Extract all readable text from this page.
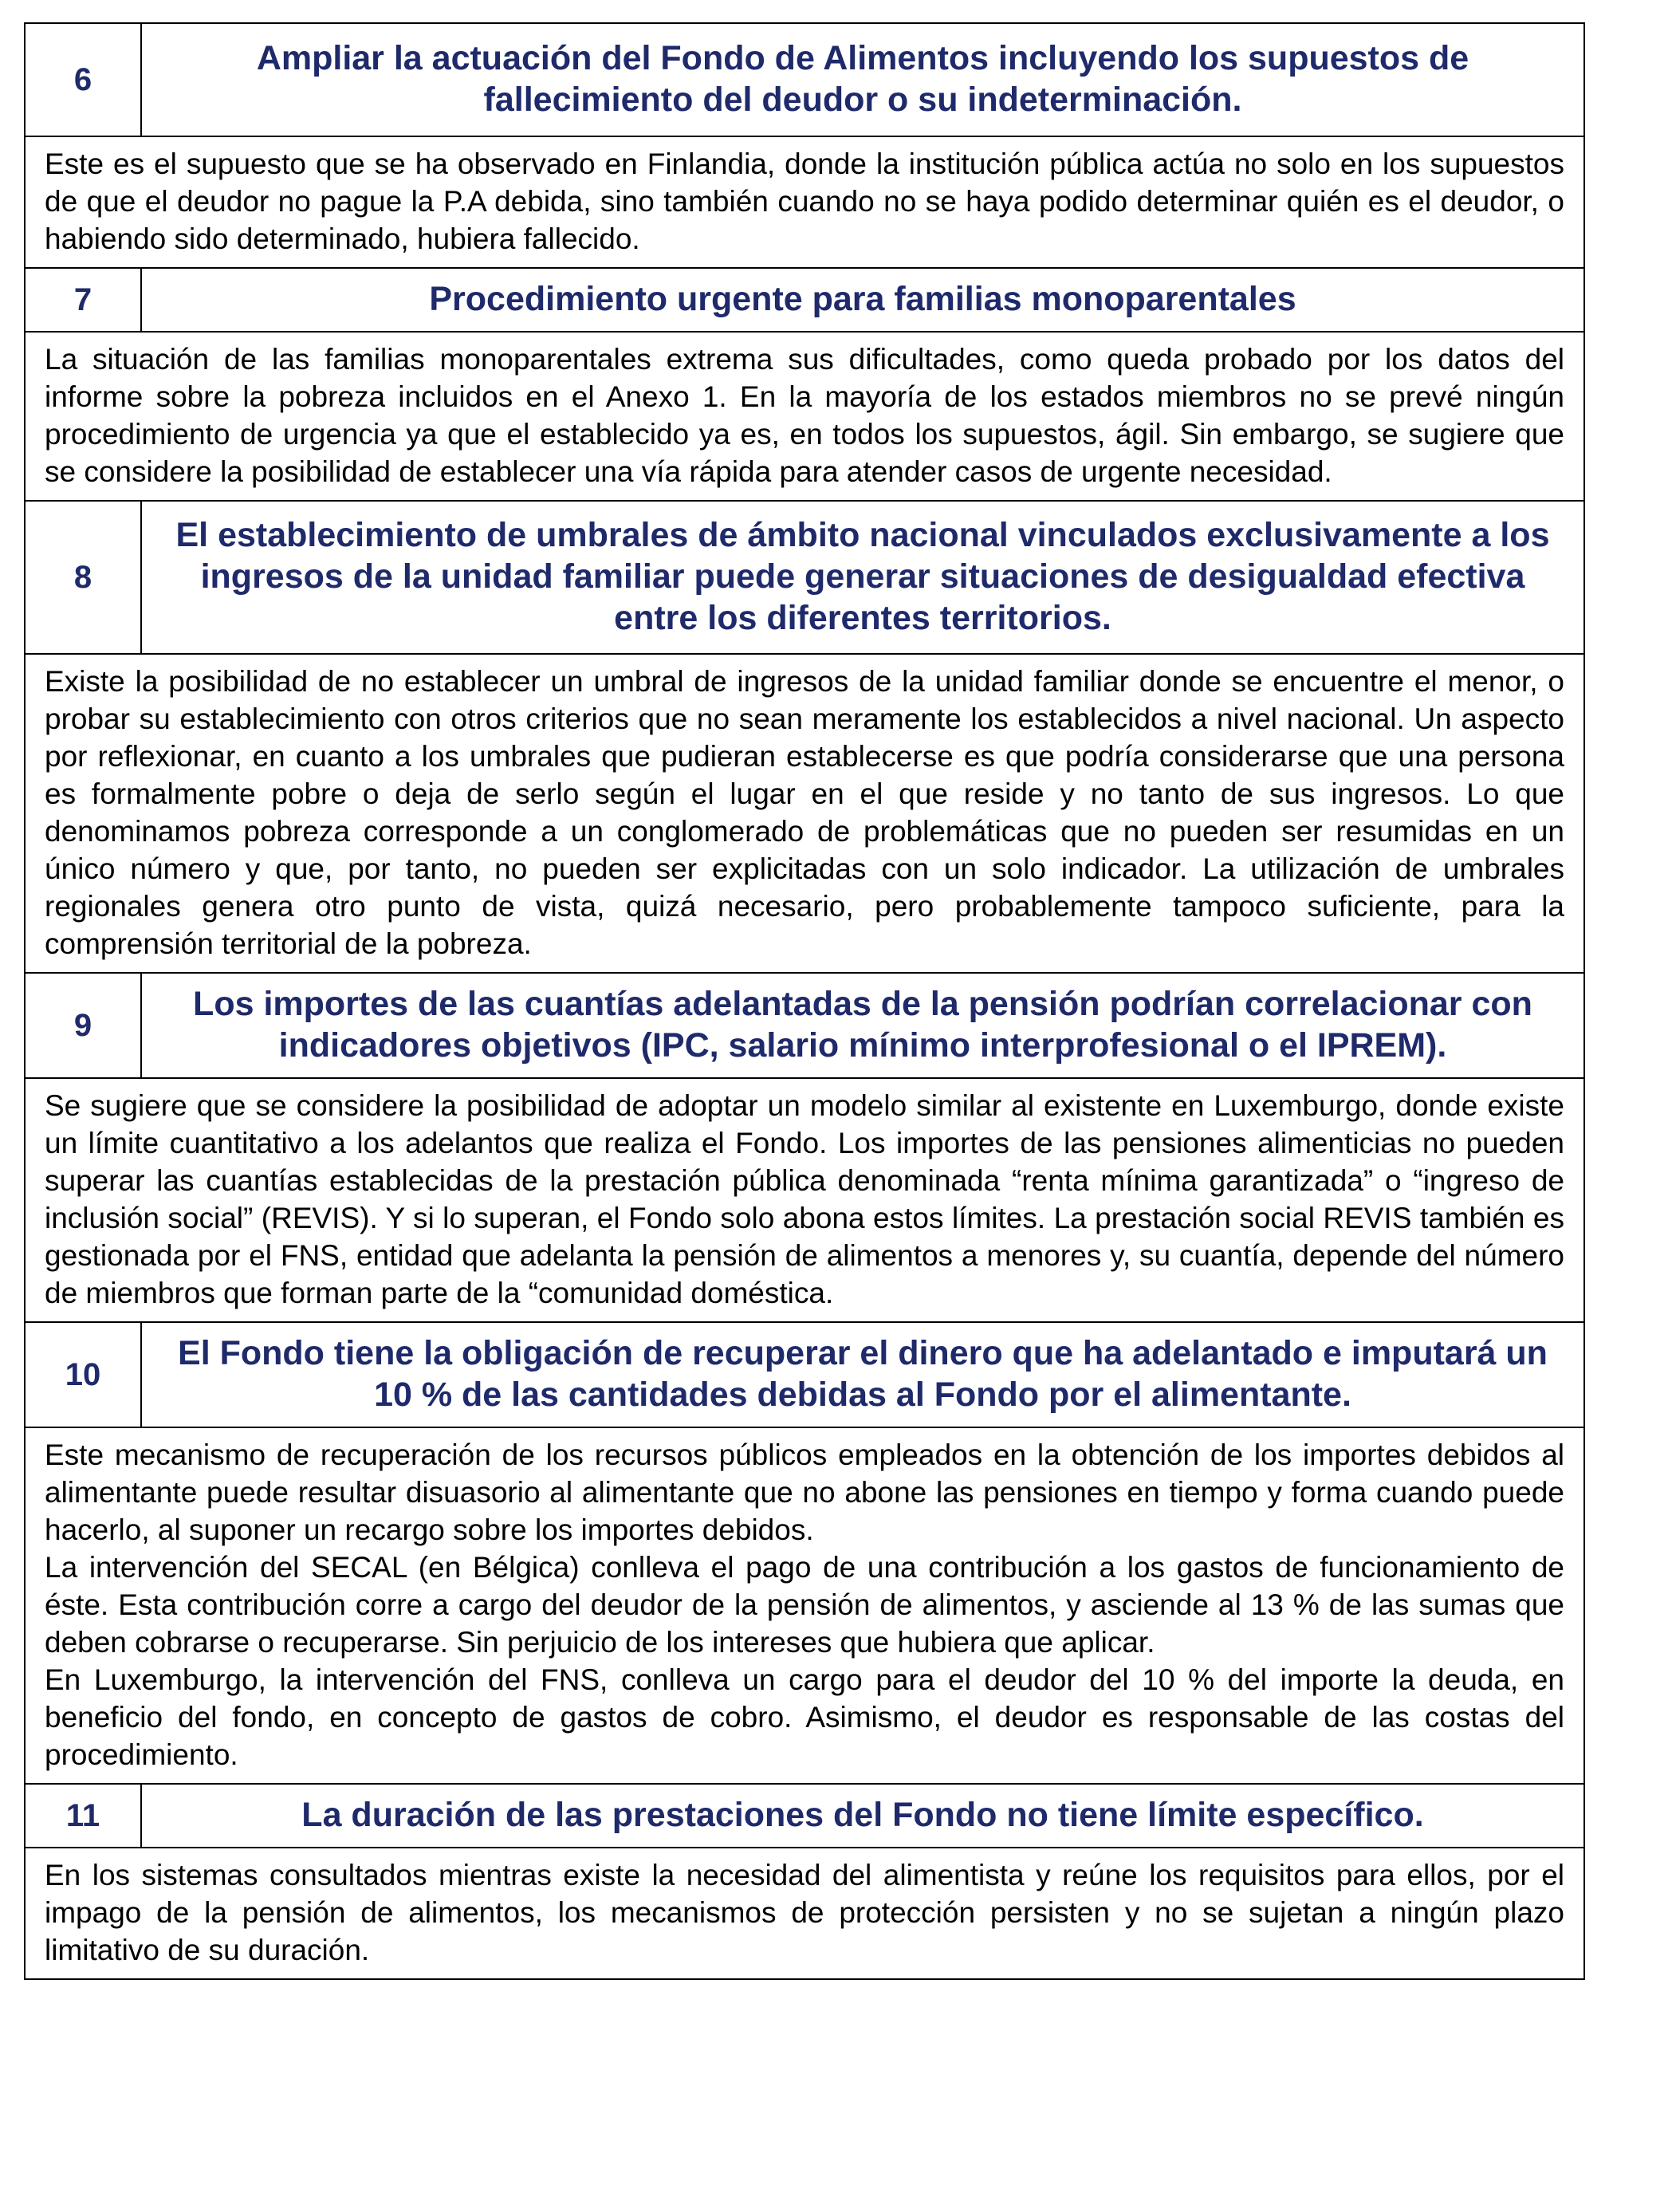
6	Ampliar la actuación del Fondo de Alimentos incluyendo los supuestos de fallecimiento del deudor o su indeterminación.

Este es el supuesto que se ha observado en Finlandia, donde la institución pública actúa no solo en los supuestos de que el deudor no pague la P.A debida, sino también cuando no se haya podido determinar quién es el deudor, o habiendo sido determinado, hubiera fallecido.	

7	Procedimiento urgente para familias monoparentales

La situación de las familias monoparentales extrema sus dificultades, como queda probado por los datos del informe sobre la pobreza incluidos en el Anexo 1. En la mayoría de los estados miembros no se prevé ningún procedimiento de urgencia ya que el establecido ya es, en todos los supuestos, ágil. Sin embargo, se sugiere que se considere la posibilidad de establecer una vía rápida para atender casos de urgente necesidad.	

8	El establecimiento de umbrales de ámbito nacional vinculados exclusivamente a los ingresos de la unidad familiar puede generar situaciones de desigualdad efectiva entre los diferentes territorios.

Existe la posibilidad de no establecer un umbral de ingresos de la unidad familiar donde se encuentre el menor, o probar su establecimiento con otros criterios que no sean meramente los establecidos a nivel nacional. Un aspecto por reflexionar, en cuanto a los umbrales que pudieran establecerse es que podría considerarse que una persona es formalmente pobre o deja de serlo según el lugar en el que reside y no tanto de sus ingresos. Lo que denominamos pobreza corresponde a un conglomerado de problemáticas que no pueden ser resumidas en un único número y que, por tanto, no pueden ser explicitadas con un solo indicador. La utilización de umbrales regionales genera otro punto de vista, quizá necesario, pero probablemente tampoco suficiente, para la comprensión territorial de la pobreza.	

9	Los importes de las cuantías adelantadas de la pensión podrían correlacionar con indicadores objetivos (IPC, salario mínimo interprofesional o el IPREM).

Se sugiere que se considere la posibilidad de adoptar un modelo similar al existente en Luxemburgo, donde existe un límite cuantitativo a los adelantos que realiza el Fondo. Los importes de las pensiones alimenticias no pueden superar las cuantías establecidas de la prestación pública denominada “renta mínima garantizada” o “ingreso de inclusión social” (REVIS). Y si lo superan, el Fondo solo abona estos límites. La prestación social REVIS también es gestionada por el FNS, entidad que adelanta la pensión de alimentos a menores y, su cuantía, depende del número de miembros que forman parte de la “comunidad doméstica.	

10	El Fondo tiene la obligación de recuperar el dinero que ha adelantado e imputará un 10 % de las cantidades debidas al Fondo por el alimentante.

Este mecanismo de recuperación de los recursos públicos empleados en la obtención de los importes debidos al alimentante puede resultar disuasorio al alimentante que no abone las pensiones en tiempo y forma cuando puede hacerlo, al suponer un recargo sobre los importes debidos.
La intervención del SECAL (en Bélgica) conlleva el pago de una contribución a los gastos de funcionamiento de éste. Esta contribución corre a cargo del deudor de la pensión de alimentos, y asciende al 13 % de las sumas que deben cobrarse o recuperarse. Sin perjuicio de los intereses que hubiera que aplicar.
En Luxemburgo, la intervención del FNS, conlleva un cargo para el deudor del 10 % del importe la deuda, en beneficio del fondo, en concepto de gastos de cobro. Asimismo, el deudor es responsable de las costas del procedimiento.	

11	La duración de las prestaciones del Fondo no tiene límite específico.

En los sistemas consultados mientras existe la necesidad del alimentista y reúne los requisitos para ellos, por el impago de la pensión de alimentos, los mecanismos de protección persisten y no se sujetan a ningún plazo limitativo de su duración.	
